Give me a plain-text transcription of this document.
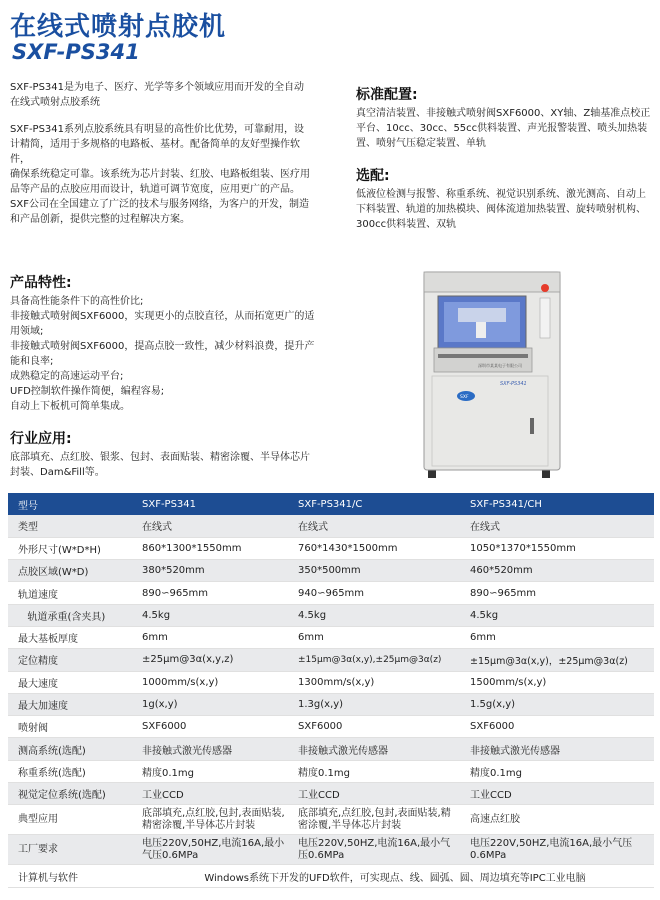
在线式喷射点胶机
SXF-PS341

SXF-PS341是为电子、医疗、光学等多个领域应用而开发的全自动在线式喷射点胶系统

SXF-PS341系列点胶系统具有明显的高性价比优势，可靠耐用，设计精简，适用于多规格的电路板、基材。配备简单的友好型操作软件，

确保系统稳定可靠。该系统为芯片封装、红胶、电路板组装、医疗用品等产品的点胶应用而设计，轨道可调节宽度，应用更广的产品。

SXF公司在全国建立了广泛的技术与服务网络，为客户的开发，制造和产品创新，提供完整的过程解决方案。

标准配置:

真空清洁装置、非接触式喷射阀SXF6000、XY轴、Z轴基准点校正平台、10cc、30cc、55cc供料装置、声光报警装置、喷头加热装置、喷射气压稳定装置、单轨

选配:

低液位检测与报警、称重系统、视觉识别系统、激光测高、自动上下料装置、轨道的加热模块、阀体流道加热装置、旋转喷射机构、300cc供料装置、双轨

产品特性:

具备高性能条件下的高性价比;

非接触式喷射阀SXF6000，实现更小的点胶直径，从而拓宽更广的适用领域;

非接触式喷射阀SXF6000，提高点胶一致性，减少材料浪费，提升产能和良率;

成熟稳定的高速运动平台;

UFD控制软件操作简便，编程容易;

自动上下板机可简单集成。

行业应用:

底部填充、点红胶、银浆、包封、表面贴装、精密涂覆、半导体芯片封装、Dam&Fill等。

深圳市某某电子有限公司
SXF-PS341
SXF
型号	SXF-PS341	SXF-PS341/C	SXF-PS341/CH
类型	在线式	在线式	在线式
外形尺寸(W*D*H)	860*1300*1550mm	760*1430*1500mm	1050*1370*1550mm
点胶区域(W*D)	380*520mm	350*500mm	460*520mm
轨道速度	890∽965mm	940∽965mm	890∽965mm
轨道承重(含夹具)	4.5kg	4.5kg	4.5kg
最大基板厚度	6mm	6mm	6mm
定位精度	±25μm@3α(x,y,z)	±15μm@3α(x,y),±25μm@3α(z)	±15μm@3α(x,y)，±25μm@3α(z)
最大速度	1000mm/s(x,y)	1300mm/s(x,y)	1500mm/s(x,y)
最大加速度	1g(x,y)	1.3g(x,y)	1.5g(x,y)
喷射阀	SXF6000	SXF6000	SXF6000
测高系统(选配)	非接触式激光传感器	非接触式激光传感器	非接触式激光传感器
称重系统(选配)	精度0.1mg	精度0.1mg	精度0.1mg
视觉定位系统(选配)	工业CCD	工业CCD	工业CCD
典型应用	底部填充,点红胶,包封,表面贴装,精密涂覆,半导体芯片封装	底部填充,点红胶,包封,表面贴装,精密涂覆,半导体芯片封装	高速点红胶
工厂要求	电压220V,50HZ,电流16A,最小气压0.6MPa	电压220V,50HZ,电流16A,最小气压0.6MPa	电压220V,50HZ,电流16A,最小气压0.6MPa
计算机与软件	Windows系统下开发的UFD软件，可实现点、线、圆弧、圆、周边填充等IPC工业电脑		
